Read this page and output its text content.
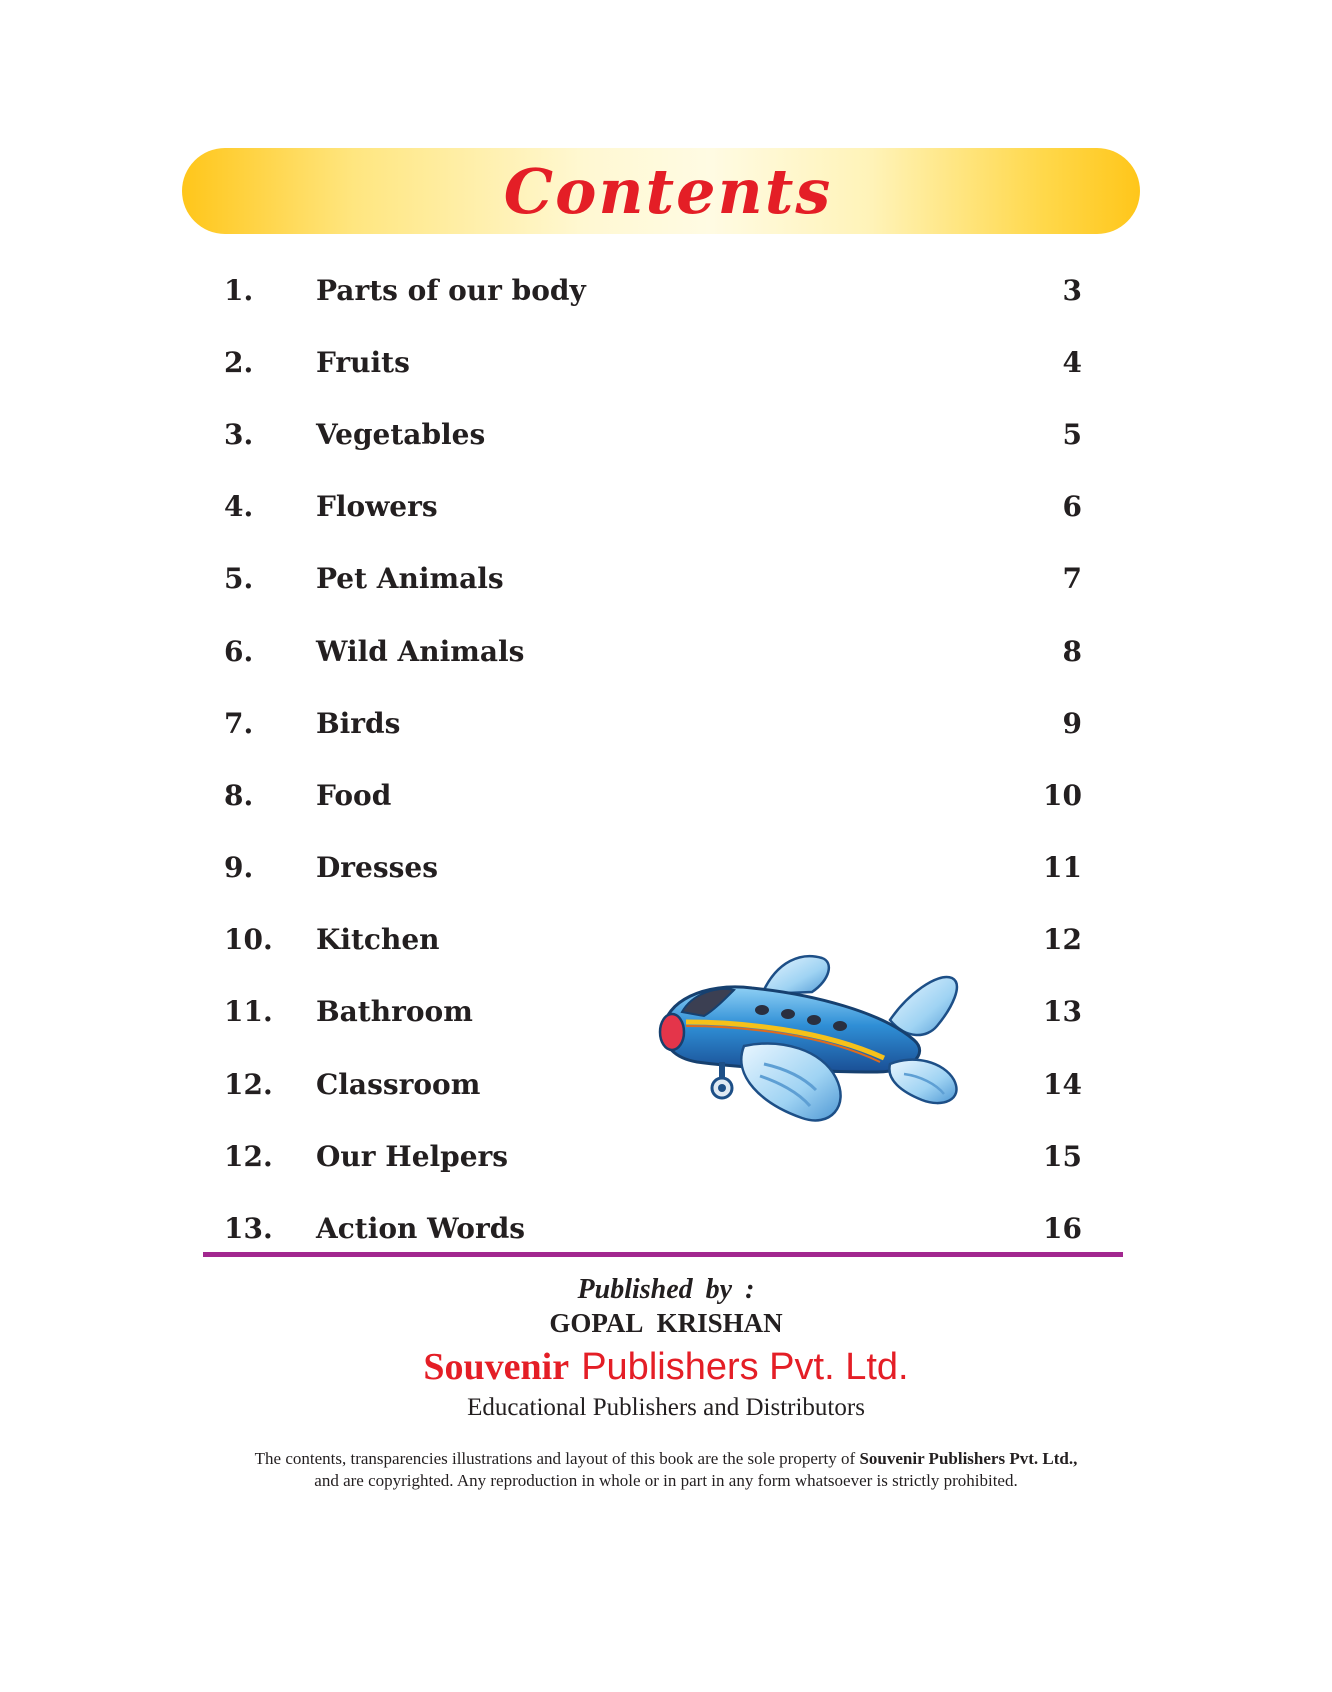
Contents
1. Parts of our body	3
2. Fruits	4
3. Vegetables	5
4. Flowers	6
5. Pet Animals	7
6. Wild Animals	8
7. Birds	9
8. Food	10
9. Dresses	11
10. Kitchen	12
11. Bathroom	13
12. Classroom	14
12. Our Helpers	15
13. Action Words	16
Published by :
GOPAL KRISHAN
Souvenir Publishers Pvt. Ltd.
Educational Publishers and Distributors
The contents, transparencies illustrations and layout of this book are the sole property of Souvenir Publishers Pvt. Ltd.,
and are copyrighted. Any reproduction in whole or in part in any form whatsoever is strictly prohibited.
